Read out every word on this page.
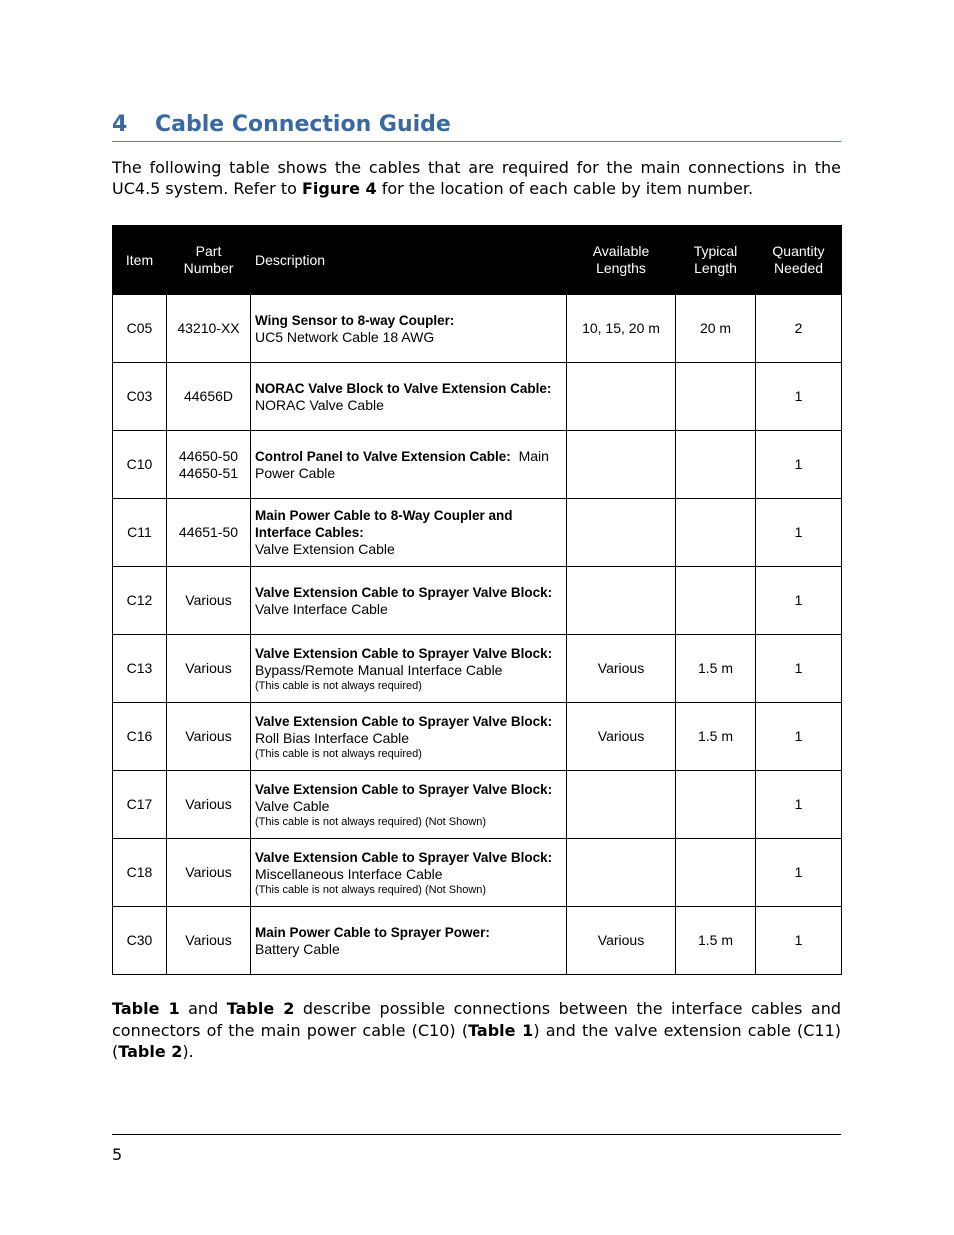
4 Cable Connection Guide
The following table shows the cables that are required for the main connections in the UC4.5 system. Refer to Figure 4 for the location of each cable by item number.
Item	Part Number	Description	Available Lengths	Typical Length	Quantity Needed
C05	43210-XX	Wing Sensor to 8-way Coupler:
UC5 Network Cable 18 AWG	10, 15, 20 m	20 m	2
C03	44656D	NORAC Valve Block to Valve Extension Cable:
NORAC Valve Cable			1
C10	44650-50
44650-51	Control Panel to Valve Extension Cable: Main Power Cable			1
C11	44651-50	Main Power Cable to 8-Way Coupler and Interface Cables:
Valve Extension Cable			1
C12	Various	Valve Extension Cable to Sprayer Valve Block:
Valve Interface Cable			1
C13	Various	Valve Extension Cable to Sprayer Valve Block:
Bypass/Remote Manual Interface Cable
(This cable is not always required)	Various	1.5 m	1
C16	Various	Valve Extension Cable to Sprayer Valve Block:
Roll Bias Interface Cable
(This cable is not always required)	Various	1.5 m	1
C17	Various	Valve Extension Cable to Sprayer Valve Block:
Valve Cable
(This cable is not always required) (Not Shown)			1
C18	Various	Valve Extension Cable to Sprayer Valve Block:
Miscellaneous Interface Cable
(This cable is not always required) (Not Shown)			1
C30	Various	Main Power Cable to Sprayer Power:
Battery Cable	Various	1.5 m	1
Table 1 and Table 2 describe possible connections between the interface cables and connectors of the main power cable (C10) (Table 1) and the valve extension cable (C11) (Table 2).
5
